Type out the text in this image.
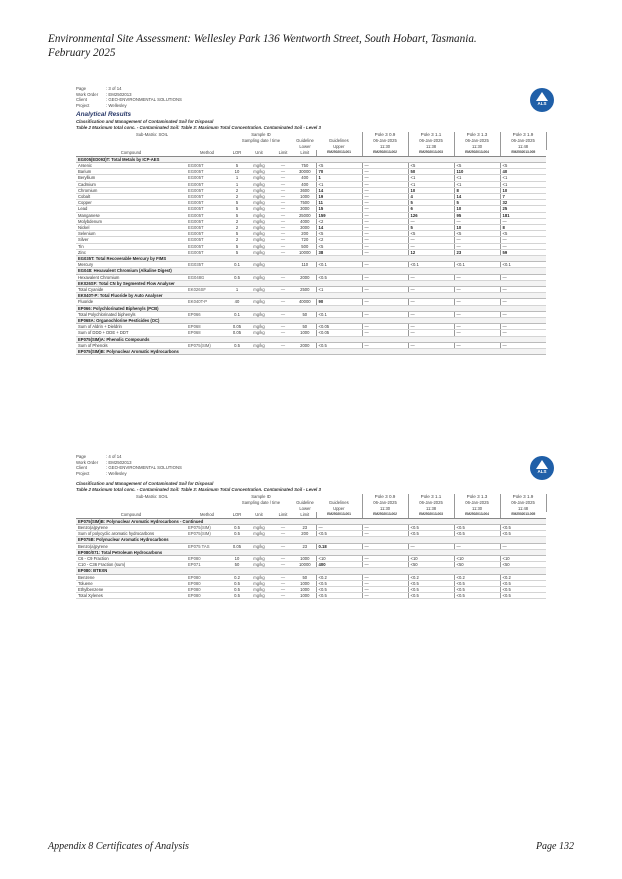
Environmental Site Assessment: Wellesley Park 136 Wentworth Street, South Hobart, Tasmania.
February 2025
Page	: 3 of 14
Work Order	: EM2502013
Client	: GEO-ENVIRONMENTAL SOLUTIONS
Project	: Wellesley	ALS
Analytical Results
Classification and Management of Contaminated Soil for Disposal
Table 2 Maximum total conc. - Contaminated Soil: Table 3: Maximum Total Concentration. Contaminated Soil - Level 3
Sub-Matrix: SOIL		Sample ID					Pole 3 0.9	Pole 3 1.1	Pole 3 1.3	Pole 3 1.9	
		Sampling date / time			Guideline	Guidelines	06-Jan-2025	06-Jan-2025	06-Jan-2025	06-Jan-2025	
					Lower	Upper	11:30	11:38	11:30	11:48	
Compound	Method	LOR	Unit	Limit	Limit	EM2502013-001	EM2502013-002	EM2502013-003	EM2502013-004	EM2502013-005	
EG005(ED093)T: Total Metals by ICP-AES											
Arsenic	EG005T	5	mg/kg	—	750	<5	—	<5	<5	<5	
Barium	EG005T	10	mg/kg	—	30000	70	—	50	110	40	
Beryllium	EG005T	1	mg/kg	—	400	1	—	<1	<1	<1	
Cadmium	EG005T	1	mg/kg	—	400	<1	—	<1	<1	<1	
Chromium	EG005T	2	mg/kg	—	3600	14	—	10	8	10	
Cobalt	EG005T	2	mg/kg	—	1000	19	—	4	14	7	
Copper	EG005T	5	mg/kg	—	7500	11	—	5	5	32	
Lead	EG005T	5	mg/kg	—	3000	15	—	6	10	25	
Manganese	EG005T	5	mg/kg	—	25000	159	—	126	95	181	
Molybdenum	EG005T	2	mg/kg	—	4000	<2	—	—	—	—	
Nickel	EG005T	2	mg/kg	—	3000	14	—	5	10	8	
Selenium	EG005T	5	mg/kg	—	200	<5	—	<5	<5	<5	
Silver	EG005T	2	mg/kg	—	720	<2	—	—	—	—	
Tin	EG005T	5	mg/kg	—	500	<5	—	—	—	—	
Zinc	EG005T	5	mg/kg	—	10000	38	—	12	23	59	
EG035T: Total Recoverable Mercury by FIMS											
Mercury	EG035T	0.1	mg/kg		110	<0.1	—	<0.1	<0.1	<0.1	
EG048: Hexavalent Chromium (Alkaline Digest)											
Hexavalent Chromium	EG048G	0.5	mg/kg	—	2000	<0.5	—	—	—	—	
EK026SF: Total CN by Segmented Flow Analyser											
Total Cyanide	EK026SF	1	mg/kg	—	2500	<1	—	—	—	—	
EK040T-P: Total Fluoride by Auto Analyser											
Fluoride	EK040T-P	40	mg/kg	—	40000	90	—	—	—	—	
EP066: Polychlorinated Biphenyls (PCB)											
Total Polychlorinated biphenyls	EP066	0.1	mg/kg	—	50	<0.1	—	—	—	—	
EP068A: Organochlorine Pesticides (OC)											
Sum of Aldrin + Dieldrin	EP068	0.05	mg/kg	—	50	<0.05	—	—	—	—	
Sum of DDD + DDE + DDT	EP068	0.05	mg/kg	—	1000	<0.05	—	—	—	—	
EP075(SIM)A: Phenolic Compounds											
Sum of Phenols	EP075(SIM)	0.5	mg/kg	—	2000	<0.5	—	—	—	—	
EP075(SIM)B: Polynuclear Aromatic Hydrocarbons											
Page	: 4 of 14
Work Order	: EM2502013
Client	: GEO-ENVIRONMENTAL SOLUTIONS
Project	: Wellesley	ALS
Classification and Management of Contaminated Soil for Disposal
Table 2 Maximum total conc. - Contaminated Soil: Table 3: Maximum Total Concentration. Contaminated Soil - Level 3
Sub-Matrix: SOIL		Sample ID					Pole 3 0.9	Pole 3 1.1	Pole 3 1.3	Pole 3 1.9	
		Sampling date / time			Guideline	Guidelines	06-Jan-2025	06-Jan-2025	06-Jan-2025	06-Jan-2025	
					Lower	Upper	11:30	11:38	11:30	11:48	
Compound	Method	LOR	Unit	Limit	Limit	EM2502013-001	EM2502013-002	EM2502013-003	EM2502013-004	EM2502013-005	
EP075(SIM)B: Polynuclear Aromatic Hydrocarbons - Continued											
Benzo(a)pyrene	EP075(SIM)	0.5	mg/kg	—	23	—	—	<0.5	<0.5	<0.5	
Sum of polycyclic aromatic hydrocarbons	EP075(SIM)	0.5	mg/kg	—	200	<0.5	—	<0.5	<0.5	<0.5	
EP075B: Polynuclear Aromatic Hydrocarbons											
Benzo(a)pyrene	EP075 TAS	0.05	mg/kg	—	23	0.18	—	—	—	—	
EP080/071: Total Petroleum Hydrocarbons											
C6 - C9 Fraction	EP080	10	mg/kg	—	1000	<10	—	<10	<10	<10	
C10 - C36 Fraction (sum)	EP071	50	mg/kg	—	10000	400	—	<50	<50	<50	
EP080: BTEXN											
Benzene	EP080	0.2	mg/kg	—	50	<0.2	—	<0.2	<0.2	<0.2	
Toluene	EP080	0.5	mg/kg	—	1000	<0.5	—	<0.5	<0.5	<0.5	
Ethylbenzene	EP080	0.5	mg/kg	—	1000	<0.5	—	<0.5	<0.5	<0.5	
Total Xylenes	EP080	0.5	mg/kg	—	1000	<0.5	—	<0.5	<0.5	<0.5	
Appendix 8 Certificates of Analysis	Page 132
